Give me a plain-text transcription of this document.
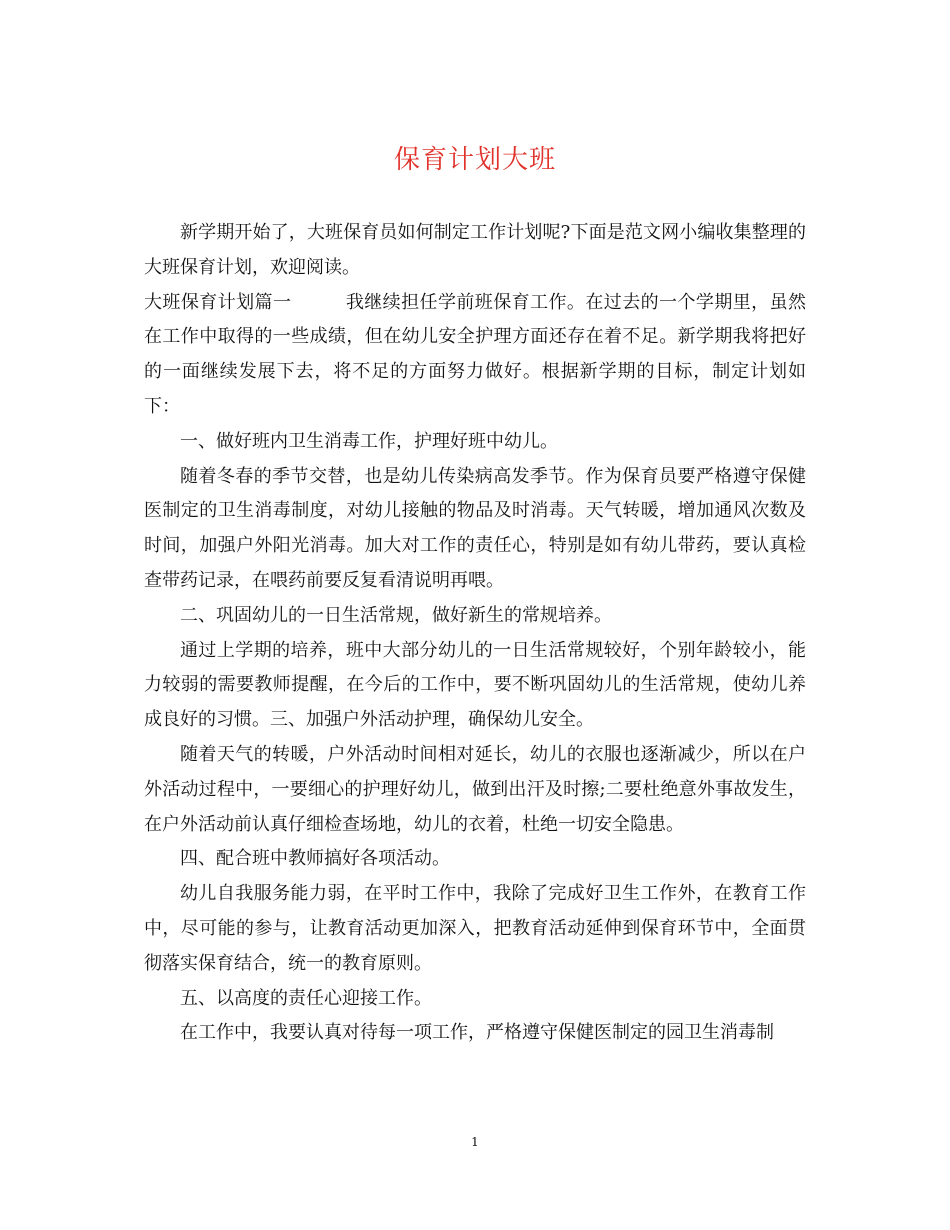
保育计划大班

新学期开始了，大班保育员如何制定工作计划呢?下面是范文网小编收集整理的大班保育计划，欢迎阅读。

大班保育计划篇一	我继续担任学前班保育工作。在过去的一个学期里，虽然在工作中取得的一些成绩，但在幼儿安全护理方面还存在着不足。新学期我将把好的一面继续发展下去，将不足的方面努力做好。根据新学期的目标，制定计划如下：

一、做好班内卫生消毒工作，护理好班中幼儿。

随着冬春的季节交替，也是幼儿传染病高发季节。作为保育员要严格遵守保健医制定的卫生消毒制度，对幼儿接触的物品及时消毒。天气转暖，增加通风次数及时间，加强户外阳光消毒。加大对工作的责任心，特别是如有幼儿带药，要认真检查带药记录，在喂药前要反复看清说明再喂。

二、巩固幼儿的一日生活常规，做好新生的常规培养。

通过上学期的培养，班中大部分幼儿的一日生活常规较好，个别年龄较小，能力较弱的需要教师提醒，在今后的工作中，要不断巩固幼儿的生活常规，使幼儿养成良好的习惯。三、加强户外活动护理，确保幼儿安全。

随着天气的转暖，户外活动时间相对延长，幼儿的衣服也逐渐减少，所以在户外活动过程中，一要细心的护理好幼儿，做到出汗及时擦;二要杜绝意外事故发生，在户外活动前认真仔细检查场地，幼儿的衣着，杜绝一切安全隐患。

四、配合班中教师搞好各项活动。

幼儿自我服务能力弱，在平时工作中，我除了完成好卫生工作外，在教育工作中，尽可能的参与，让教育活动更加深入，把教育活动延伸到保育环节中，全面贯彻落实保育结合，统一的教育原则。

五、以高度的责任心迎接工作。

在工作中，我要认真对待每一项工作，严格遵守保健医制定的园卫生消毒制

1
